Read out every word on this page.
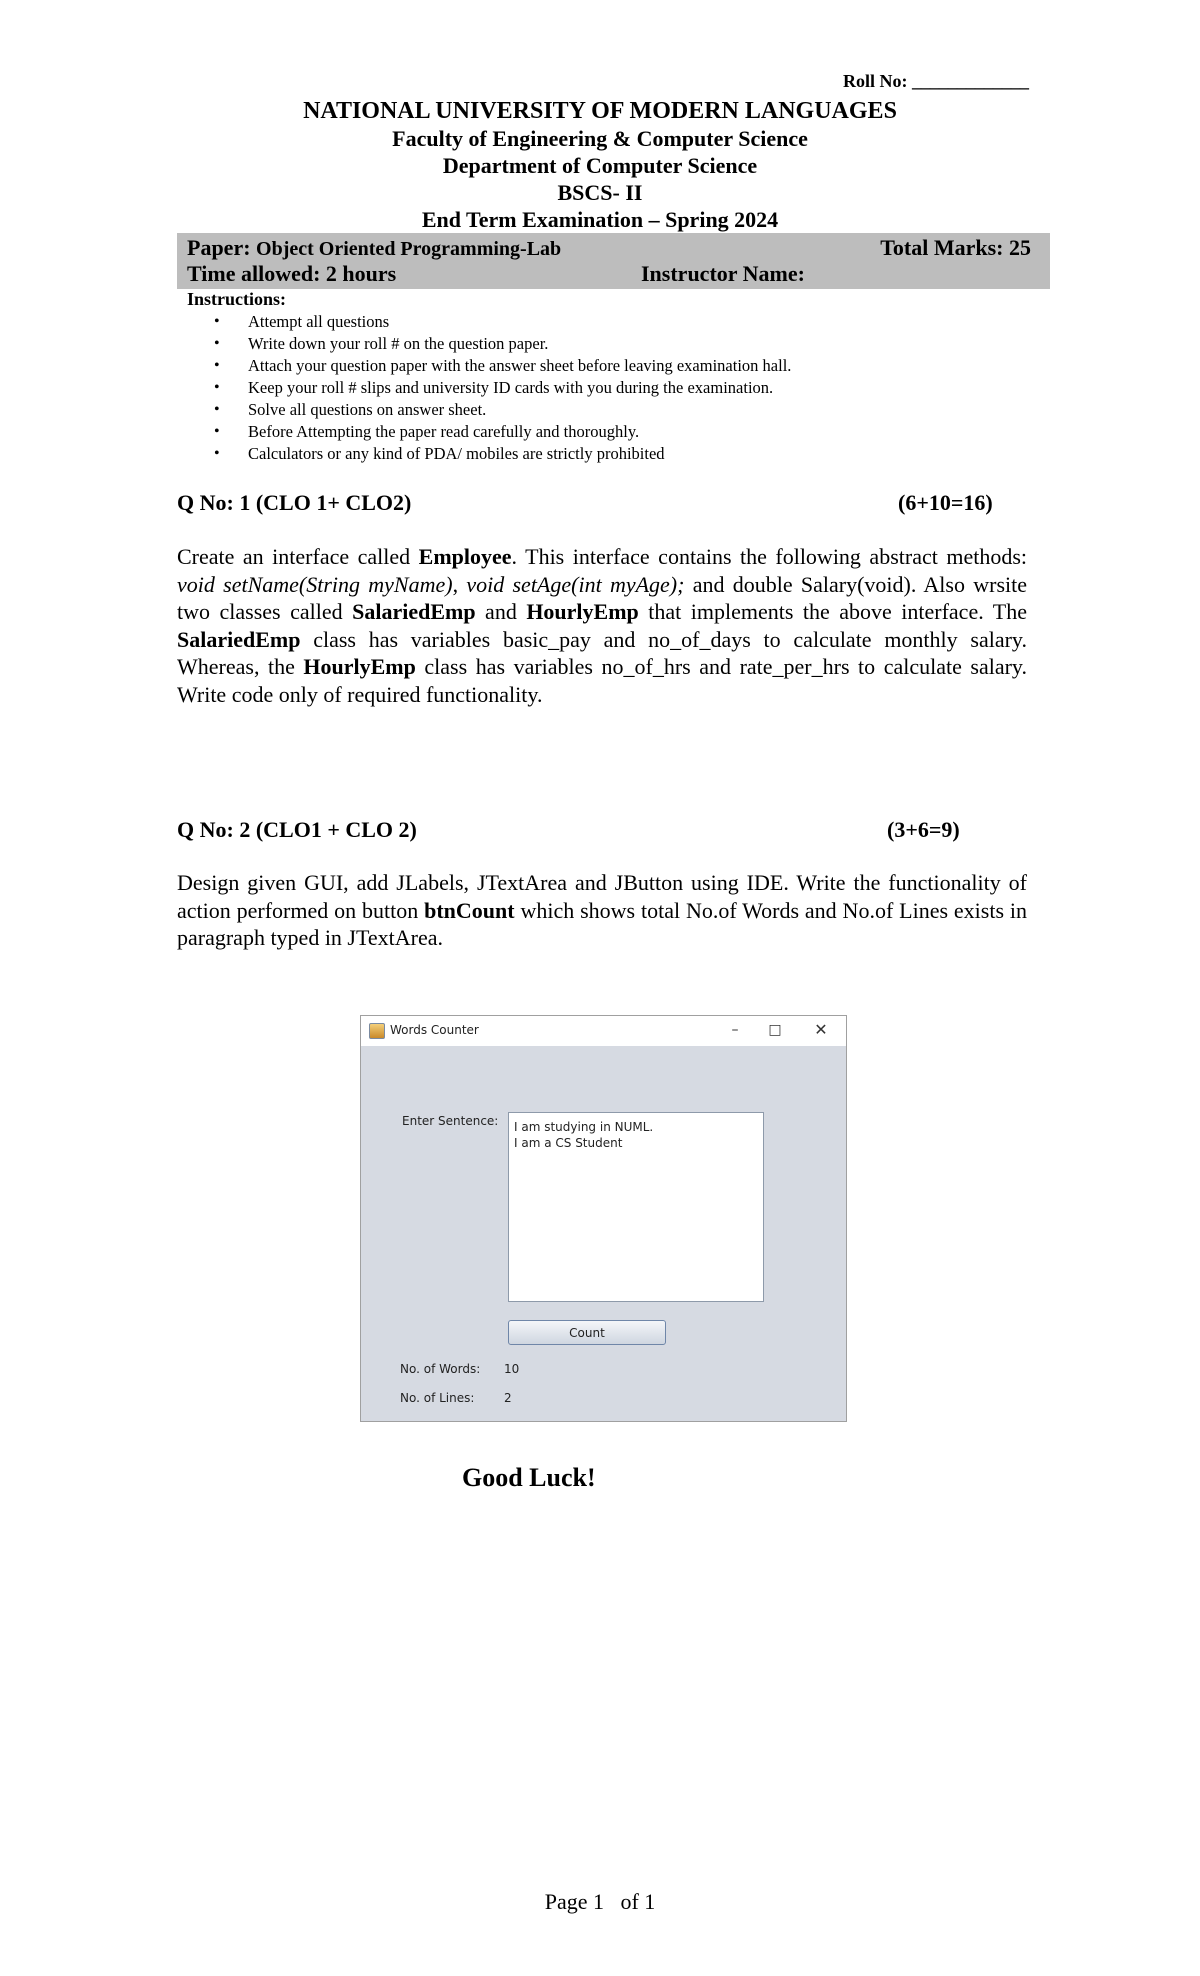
Roll No: _____________
NATIONAL UNIVERSITY OF MODERN LANGUAGES
Faculty of Engineering & Computer Science
Department of Computer Science
BSCS- II
End Term Examination – Spring 2024
Paper: Object Oriented Programming-Lab	Total Marks: 25
Time allowed: 2 hours	Instructor Name:
Instructions:
• Attempt all questions
• Write down your roll # on the question paper.
• Attach your question paper with the answer sheet before leaving examination hall.
• Keep your roll # slips and university ID cards with you during the examination.
• Solve all questions on answer sheet.
• Before Attempting the paper read carefully and thoroughly.
• Calculators or any kind of PDA/ mobiles are strictly prohibited
Q No: 1 (CLO 1+ CLO2)	(6+10=16)
Create an interface called Employee. This interface contains the following abstract methods: void setName(String myName), void setAge(int myAge); and double Salary(void). Also wrsite two classes called SalariedEmp and HourlyEmp that implements the above interface. The SalariedEmp class has variables basic_pay and no_of_days to calculate monthly salary. Whereas, the HourlyEmp class has variables no_of_hrs and rate_per_hrs to calculate salary. Write code only of required functionality.
Q No: 2 (CLO1 + CLO 2)	(3+6=9)
Design given GUI, add JLabels, JTextArea and JButton using IDE. Write the functionality of action performed on button btnCount which shows total No.of Words and No.of Lines exists in paragraph typed in JTextArea.
Words Counter	–	□	✕
Enter Sentence: I am studying in NUML.
I am a CS Student
Count
No. of Words: 10
No. of Lines: 2
Good Luck!
Page 1   of 1
